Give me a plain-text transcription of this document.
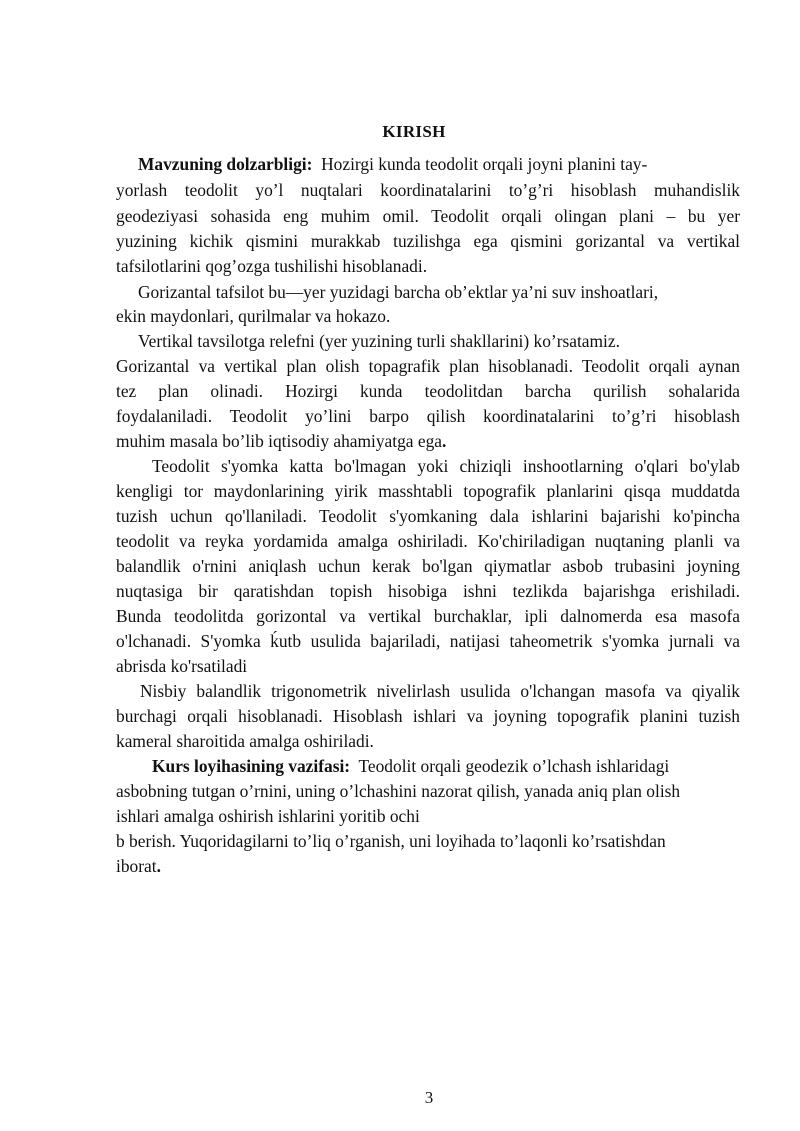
KIRISH
Mavzuning dolzarbligi: Hozirgi kunda teodolit orqali joyni planini tay-
yorlash teodolit yo’l nuqtalari koordinatalarini to’g’ri hisoblash muhandislik
geodeziyasi sohasida eng muhim omil. Teodolit orqali olingan plani – bu yer
yuzining kichik qismini murakkab tuzilishga ega qismini gorizantal va vertikal
tafsilotlarini qog’ozga tushilishi hisoblanadi.
Gorizantal tafsilot bu—yer yuzidagi barcha ob’ektlar ya’ni suv inshoatlari,
ekin maydonlari, qurilmalar va hokazo.
Vertikal tavsilotga relefni (yer yuzining turli shakllarini) ko’rsatamiz.
Gorizantal va vertikal plan olish topagrafik plan hisoblanadi. Teodolit orqali aynan
tez plan olinadi. Hozirgi kunda teodolitdan barcha qurilish sohalarida
foydalaniladi. Teodolit yo’lini barpo qilish koordinatalarini to’g’ri hisoblash
muhim masala bo’lib iqtisodiy ahamiyatga ega.
Teodolit s'yomka katta bo'lmagan yoki chiziqli inshootlarning o'qlari bo'ylab
kengligi tor maydonlarining yirik masshtabli topografik planlarini qisqa muddatda
tuzish uchun qo'llaniladi. Teodolit s'yomkaning dala ishlarini bajarishi ko'pincha
teodolit va reyka yordamida amalga oshiriladi. Ko'chiriladigan nuqtaning planli va
balandlik o'rnini aniqlash uchun kerak bo'lgan qiymatlar asbob trubasini joyning
nuqtasiga bir qaratishdan topish hisobiga ishni tezlikda bajarishga erishiladi.
Bunda teodolitda gorizontal va vertikal burchaklar, ipli dalnomerda esa masofa
o'lchanadi. S'yomka ḱutb usulida bajariladi, natijasi taheometrik s'yomka jurnali va
abrisda ko'rsatiladi
Nisbiy balandlik trigonometrik nivelirlash usulida o'lchangan masofa va qiyalik
burchagi orqali hisoblanadi. Hisoblash ishlari va joyning topografik planini tuzish
kameral sharoitida amalga oshiriladi.
Kurs loyihasining vazifasi: Teodolit orqali geodezik o’lchash ishlaridagi
asbobning tutgan o’rnini, uning o’lchashini nazorat qilish, yanada aniq plan olish
ishlari amalga oshirish ishlarini yoritib ochi
b berish. Yuqoridagilarni to’liq o’rganish, uni loyihada to’laqonli ko’rsatishdan
iborat.
3
